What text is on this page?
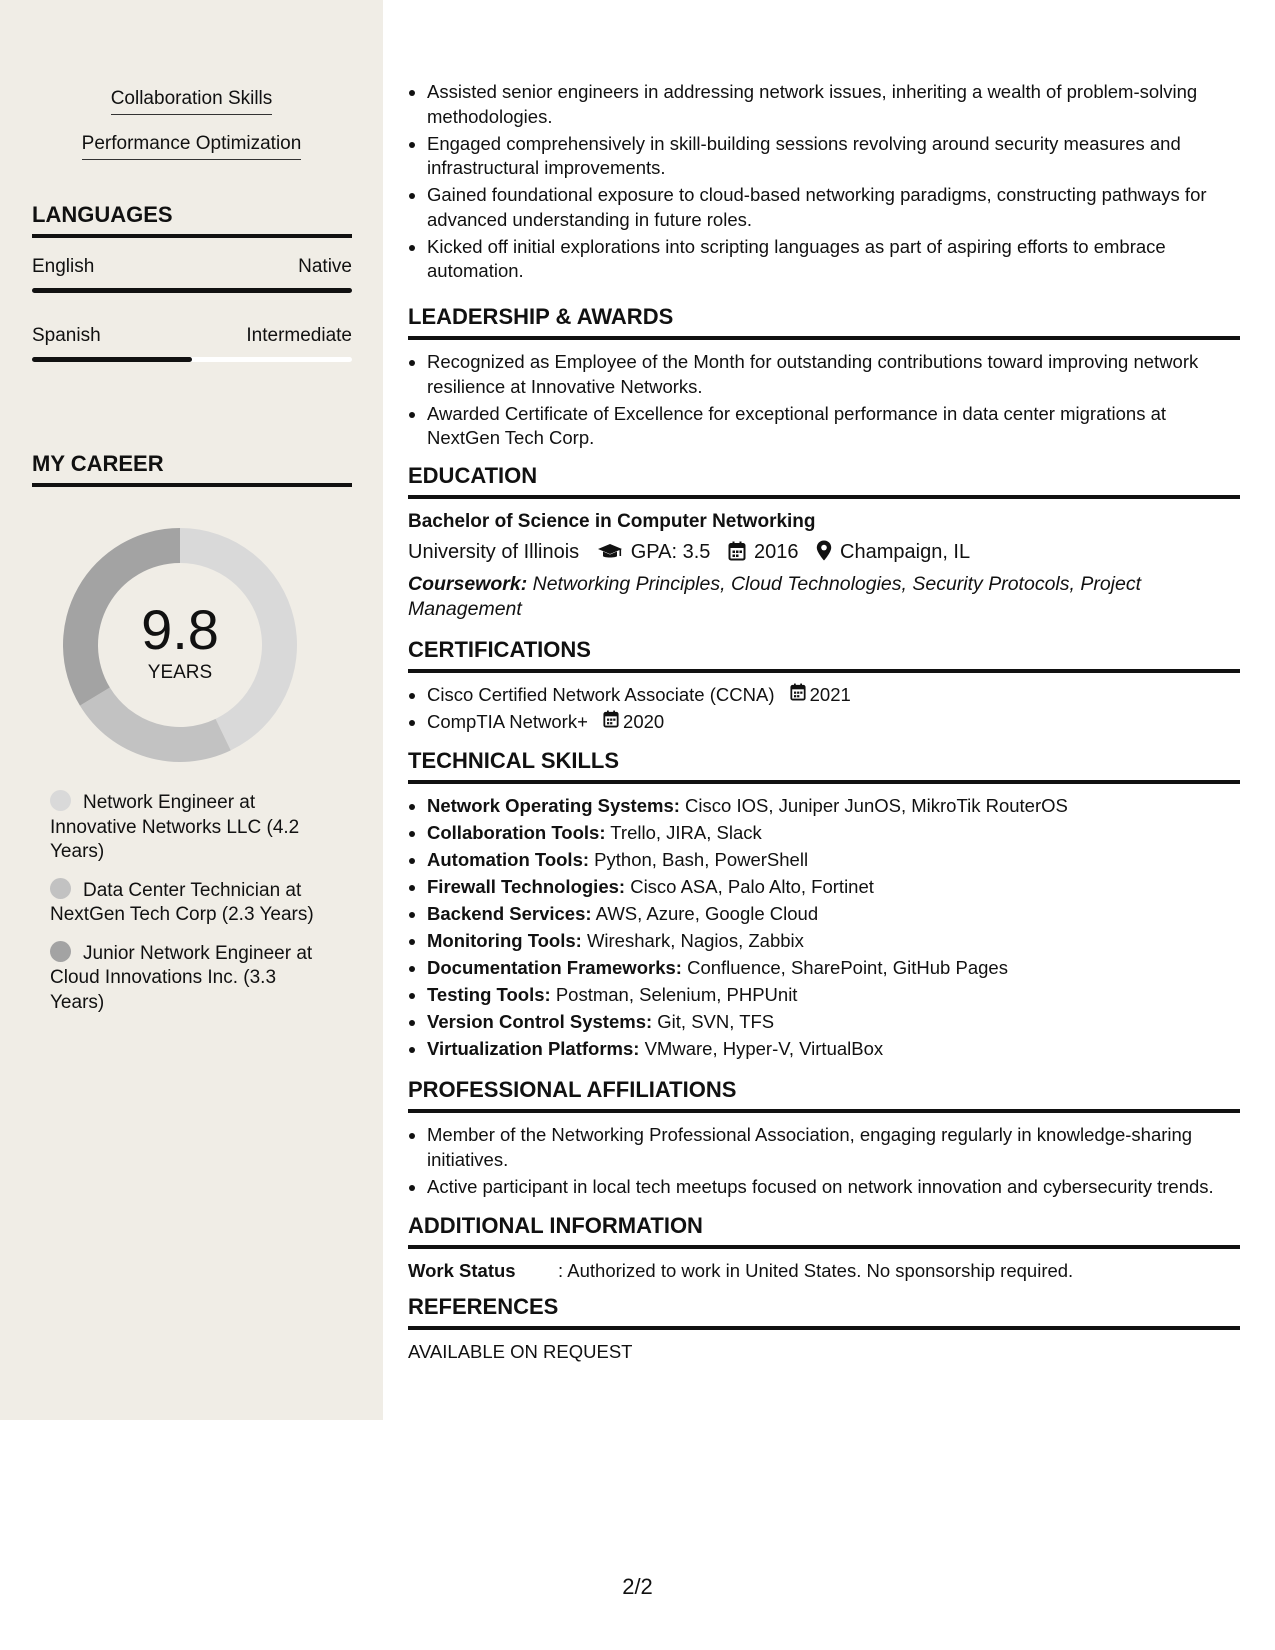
Collaboration Skills
Performance Optimization
LANGUAGES
English	Native
Spanish	Intermediate
MY CAREER
9.8
YEARS
Network Engineer at Innovative Networks LLC (4.2 Years)
Data Center Technician at NextGen Tech Corp (2.3 Years)
Junior Network Engineer at Cloud Innovations Inc. (3.3 Years)
• Assisted senior engineers in addressing network issues, inheriting a wealth of problem-solving methodologies.
• Engaged comprehensively in skill-building sessions revolving around security measures and infrastructural improvements.
• Gained foundational exposure to cloud-based networking paradigms, constructing pathways for advanced understanding in future roles.
• Kicked off initial explorations into scripting languages as part of aspiring efforts to embrace automation.
LEADERSHIP & AWARDS
• Recognized as Employee of the Month for outstanding contributions toward improving network resilience at Innovative Networks.
• Awarded Certificate of Excellence for exceptional performance in data center migrations at NextGen Tech Corp.
EDUCATION
Bachelor of Science in Computer Networking
University of Illinois	GPA: 3.5 2016 Champaign, IL
Coursework: Networking Principles, Cloud Technologies, Security Protocols, Project Management
CERTIFICATIONS
• Cisco Certified Network Associate (CCNA) 2021
• CompTIA Network+ 2020
TECHNICAL SKILLS
• Network Operating Systems: Cisco IOS, Juniper JunOS, MikroTik RouterOS
• Collaboration Tools: Trello, JIRA, Slack
• Automation Tools: Python, Bash, PowerShell
• Firewall Technologies: Cisco ASA, Palo Alto, Fortinet
• Backend Services: AWS, Azure, Google Cloud
• Monitoring Tools: Wireshark, Nagios, Zabbix
• Documentation Frameworks: Confluence, SharePoint, GitHub Pages
• Testing Tools: Postman, Selenium, PHPUnit
• Version Control Systems: Git, SVN, TFS
• Virtualization Platforms: VMware, Hyper-V, VirtualBox
PROFESSIONAL AFFILIATIONS
• Member of the Networking Professional Association, engaging regularly in knowledge-sharing initiatives.
• Active participant in local tech meetups focused on network innovation and cybersecurity trends.
ADDITIONAL INFORMATION
Work Status : Authorized to work in United States. No sponsorship required.
REFERENCES
AVAILABLE ON REQUEST
2/2
